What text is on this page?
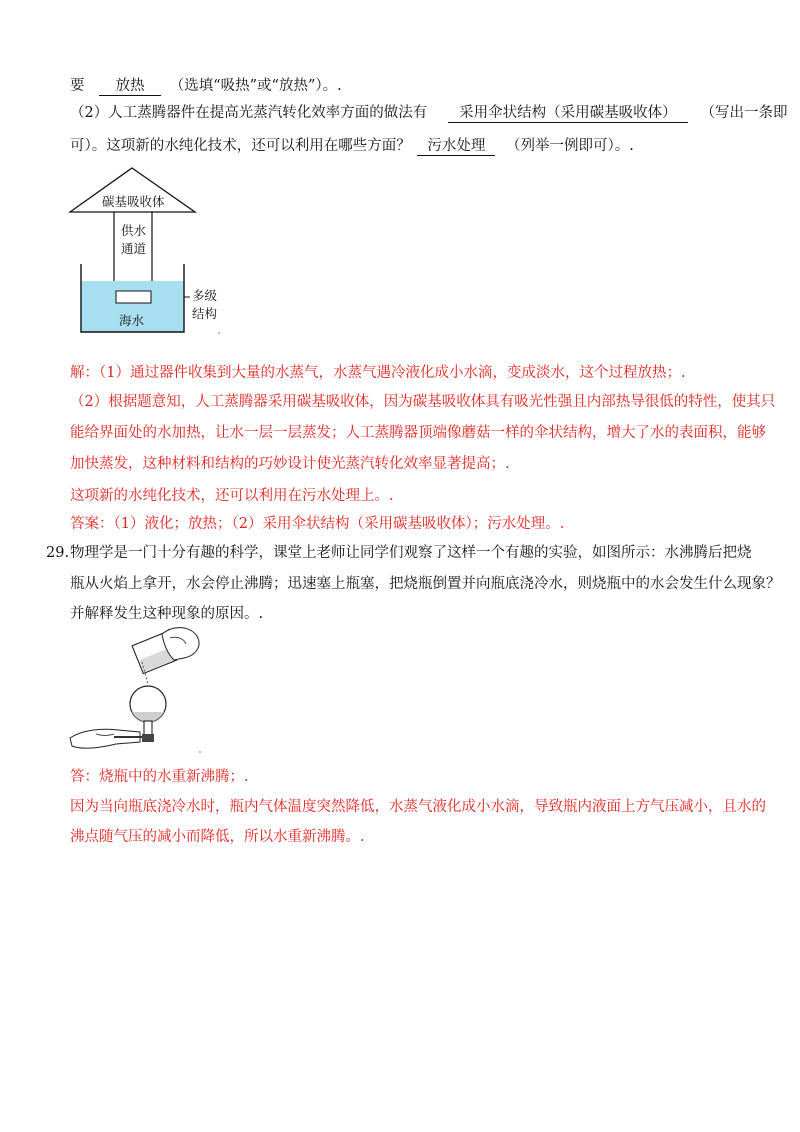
要 放热 （选填“吸热”或“放热”）。.
（2）人工蒸腾器件在提高光蒸汽转化效率方面的做法有 采用伞状结构（采用碳基吸收体） （写出一条即
可）。这项新的水纯化技术，还可以利用在哪些方面？ 污水处理 （列举一例即可）。.
碳基吸收体
供水
通道
多级
结构
海水
解：（1）通过器件收集到大量的水蒸气，水蒸气遇冷液化成小水滴，变成淡水，这个过程放热；.
（2）根据题意知，人工蒸腾器采用碳基吸收体，因为碳基吸收体具有吸光性强且内部热导很低的特性，使其只
能给界面处的水加热，让水一层一层蒸发；人工蒸腾器顶端像蘑菇一样的伞状结构，增大了水的表面积，能够
加快蒸发，这种材料和结构的巧妙设计使光蒸汽转化效率显著提高；.
这项新的水纯化技术，还可以利用在污水处理上。.
答案：（1）液化；放热；（2）采用伞状结构（采用碳基吸收体）；污水处理。.
29.物理学是一门十分有趣的科学，课堂上老师让同学们观察了这样一个有趣的实验，如图所示：水沸腾后把烧
瓶从火焰上拿开，水会停止沸腾；迅速塞上瓶塞，把烧瓶倒置并向瓶底浇冷水，则烧瓶中的水会发生什么现象？
并解释发生这种现象的原因。.
答：烧瓶中的水重新沸腾；.
因为当向瓶底浇冷水时，瓶内气体温度突然降低，水蒸气液化成小水滴，导致瓶内液面上方气压减小，且水的
沸点随气压的减小而降低，所以水重新沸腾。.
